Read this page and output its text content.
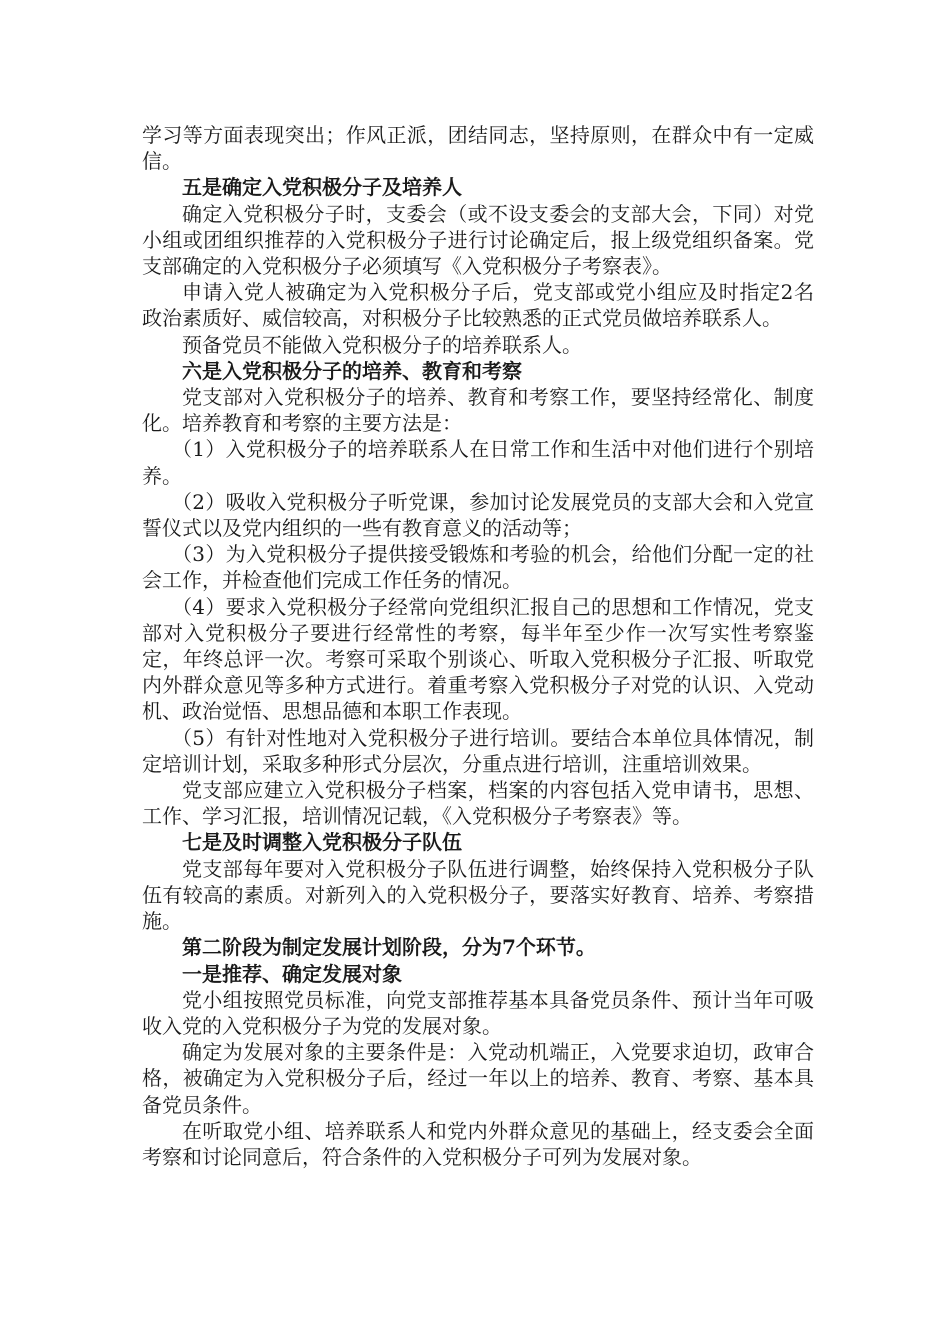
学习等方面表现突出；作风正派，团结同志，坚持原则，在群众中有一定威信。

五是确定入党积极分子及培养人

确定入党积极分子时，支委会（或不设支委会的支部大会，下同）对党小组或团组织推荐的入党积极分子进行讨论确定后，报上级党组织备案。党支部确定的入党积极分子必须填写《入党积极分子考察表》。

申请入党人被确定为入党积极分子后，党支部或党小组应及时指定2名政治素质好、威信较高，对积极分子比较熟悉的正式党员做培养联系人。

预备党员不能做入党积极分子的培养联系人。

六是入党积极分子的培养、教育和考察

党支部对入党积极分子的培养、教育和考察工作，要坚持经常化、制度化。培养教育和考察的主要方法是：

（1）入党积极分子的培养联系人在日常工作和生活中对他们进行个别培养。

（2）吸收入党积极分子听党课，参加讨论发展党员的支部大会和入党宣誓仪式以及党内组织的一些有教育意义的活动等；

（3）为入党积极分子提供接受锻炼和考验的机会，给他们分配一定的社会工作，并检查他们完成工作任务的情况。

（4）要求入党积极分子经常向党组织汇报自己的思想和工作情况，党支部对入党积极分子要进行经常性的考察，每半年至少作一次写实性考察鉴定，年终总评一次。考察可采取个别谈心、听取入党积极分子汇报、听取党内外群众意见等多种方式进行。着重考察入党积极分子对党的认识、入党动机、政治觉悟、思想品德和本职工作表现。

（5）有针对性地对入党积极分子进行培训。要结合本单位具体情况，制定培训计划，采取多种形式分层次，分重点进行培训，注重培训效果。

党支部应建立入党积极分子档案，档案的内容包括入党申请书，思想、工作、学习汇报，培训情况记载，《入党积极分子考察表》等。

七是及时调整入党积极分子队伍

党支部每年要对入党积极分子队伍进行调整，始终保持入党积极分子队伍有较高的素质。对新列入的入党积极分子，要落实好教育、培养、考察措施。

第二阶段为制定发展计划阶段，分为7个环节。

一是推荐、确定发展对象

党小组按照党员标准，向党支部推荐基本具备党员条件、预计当年可吸收入党的入党积极分子为党的发展对象。

确定为发展对象的主要条件是：入党动机端正，入党要求迫切，政审合格，被确定为入党积极分子后，经过一年以上的培养、教育、考察、基本具备党员条件。

在听取党小组、培养联系人和党内外群众意见的基础上，经支委会全面考察和讨论同意后，符合条件的入党积极分子可列为发展对象。
